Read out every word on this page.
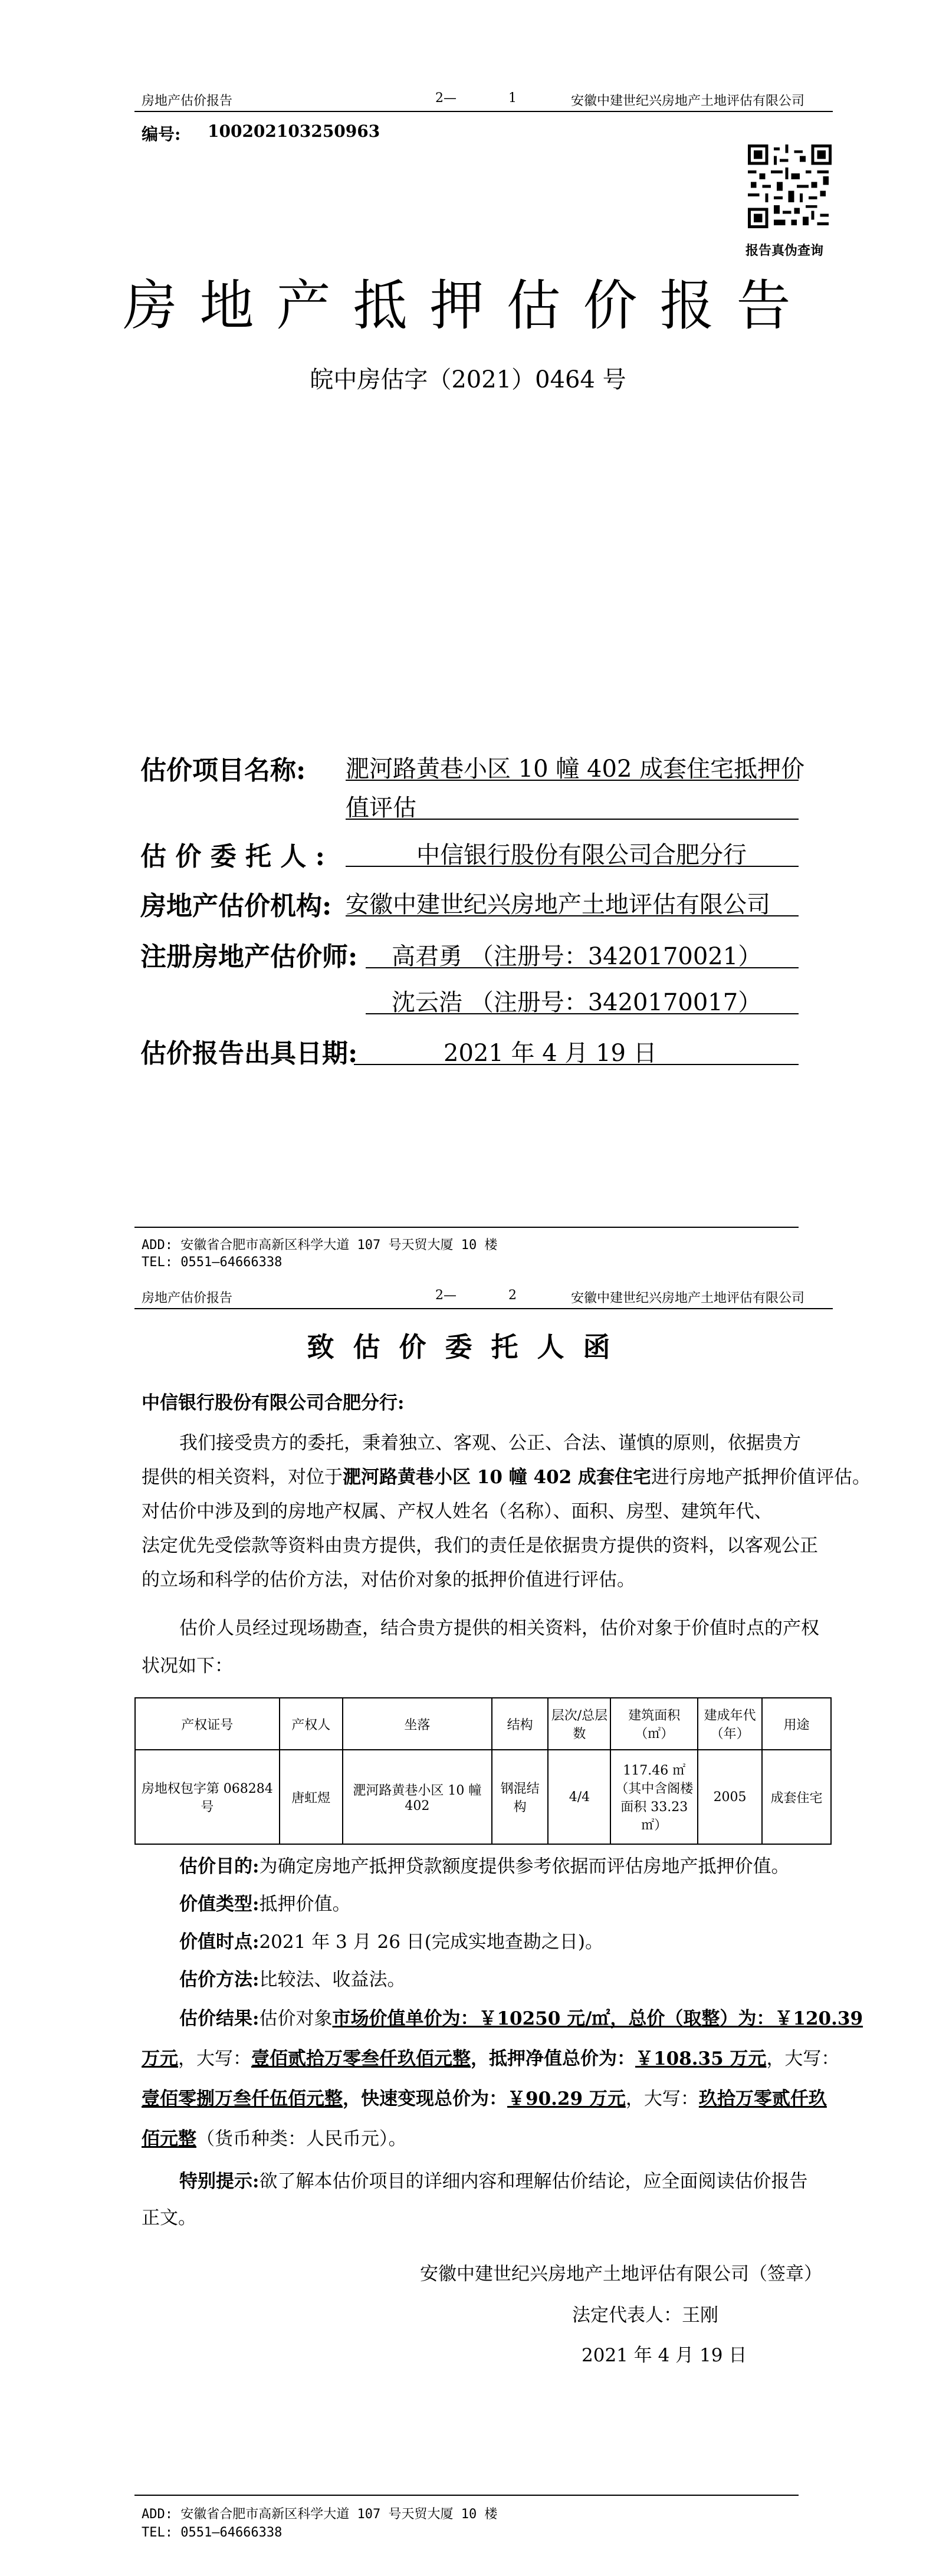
房地产估价报告	2—	1	安徽中建世纪兴房地产土地评估有限公司
编号: 100202103250963
报告真伪查询
房地产抵押估价报告
皖中房估字（2021）0464 号
估价项目名称: 淝河路黄巷小区 10 幢 402 成套住宅抵押价
值评估
估 价 委 托 人 :	中信银行股份有限公司合肥分行
房地产估价机构: 安徽中建世纪兴房地产土地评估有限公司
注册房地产估价师: 高君勇 （注册号：3420170021）
沈云浩 （注册号：3420170017）
估价报告出具日期:	2021 年 4 月 19 日
ADD: 安徽省合肥市高新区科学大道 107 号天贸大厦 10 楼
TEL: 0551—64666338
房地产估价报告	2—	2	安徽中建世纪兴房地产土地评估有限公司
致估价委托人函
中信银行股份有限公司合肥分行:
我们接受贵方的委托，秉着独立、客观、公正、合法、谨慎的原则，依据贵方
提供的相关资料，对位于淝河路黄巷小区 10 幢 402 成套住宅进行房地产抵押价值评估。
对估价中涉及到的房地产权属、产权人姓名（名称）、面积、房型、建筑年代、
法定优先受偿款等资料由贵方提供，我们的责任是依据贵方提供的资料，以客观公正
的立场和科学的估价方法，对估价对象的抵押价值进行评估。
估价人员经过现场勘查，结合贵方提供的相关资料，估价对象于价值时点的产权
状况如下：
产权证号	产权人	坐落	结构	层次/总层数	建筑面积（㎡）	建成年代（年）	用途
房地权包字第 068284 号	唐虹煜	淝河路黄巷小区 10 幢 402	钢混结构	4/4	117.46 ㎡（其中含阁楼面积 33.23 ㎡）	2005	成套住宅
估价目的:为确定房地产抵押贷款额度提供参考依据而评估房地产抵押价值。
价值类型:抵押价值。
价值时点:2021 年 3 月 26 日(完成实地查勘之日)。
估价方法:比较法、收益法。
估价结果:估价对象市场价值单价为：￥10250 元/㎡，总价（取整）为：￥120.39
万元，大写：壹佰贰拾万零叁仟玖佰元整，抵押净值总价为：￥108.35 万元，大写：
壹佰零捌万叁仟伍佰元整，快速变现总价为：￥90.29 万元，大写：玖拾万零贰仟玖
佰元整（货币种类：人民币元）。
特别提示:欲了解本估价项目的详细内容和理解估价结论，应全面阅读估价报告
正文。
安徽中建世纪兴房地产土地评估有限公司（签章）
法定代表人：王刚
2021 年 4 月 19 日
ADD: 安徽省合肥市高新区科学大道 107 号天贸大厦 10 楼
TEL: 0551—64666338
